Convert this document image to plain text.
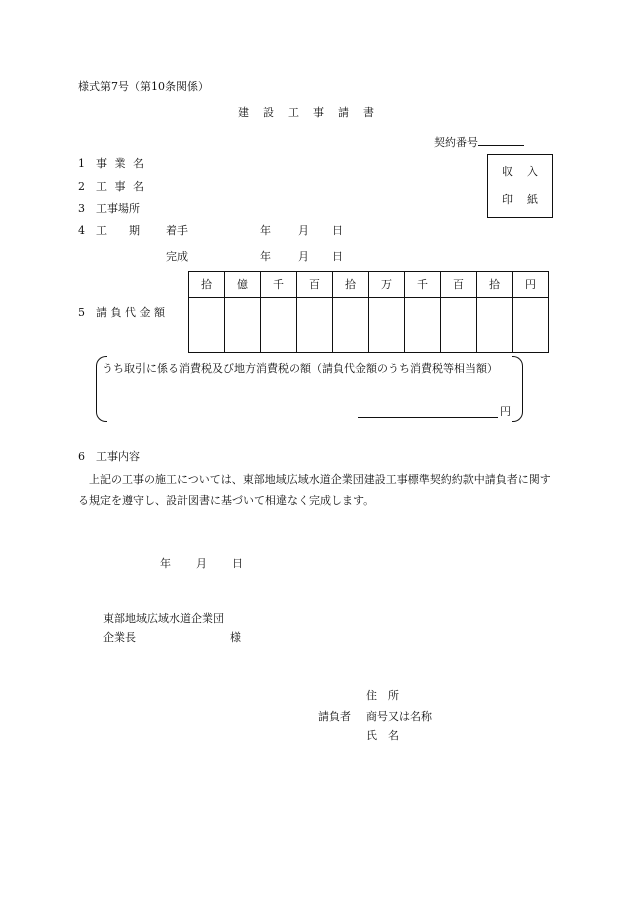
様式第7号（第10条関係）
建設工事請書
契約番号
収入
印紙
1 事 業 名
2 工 事 名
3 工事場所
4 工　　期 着手	年 月 日
完成	年 月 日
5 請 負 代 金 額
拾	億	千	百	拾	万	千	百	拾	円

うち取引に係る消費税及び地方消費税の額（請負代金額のうち消費税等相当額）
円
6 工事内容
上記の工事の施工については、東部地域広域水道企業団建設工事標準契約約款中請負者に関する規定を遵守し、設計図書に基づいて相違なく完成します。
年 月 日
東部地域広域水道企業団
企業長	様
住　所
請負者 商号又は名称
氏　名
